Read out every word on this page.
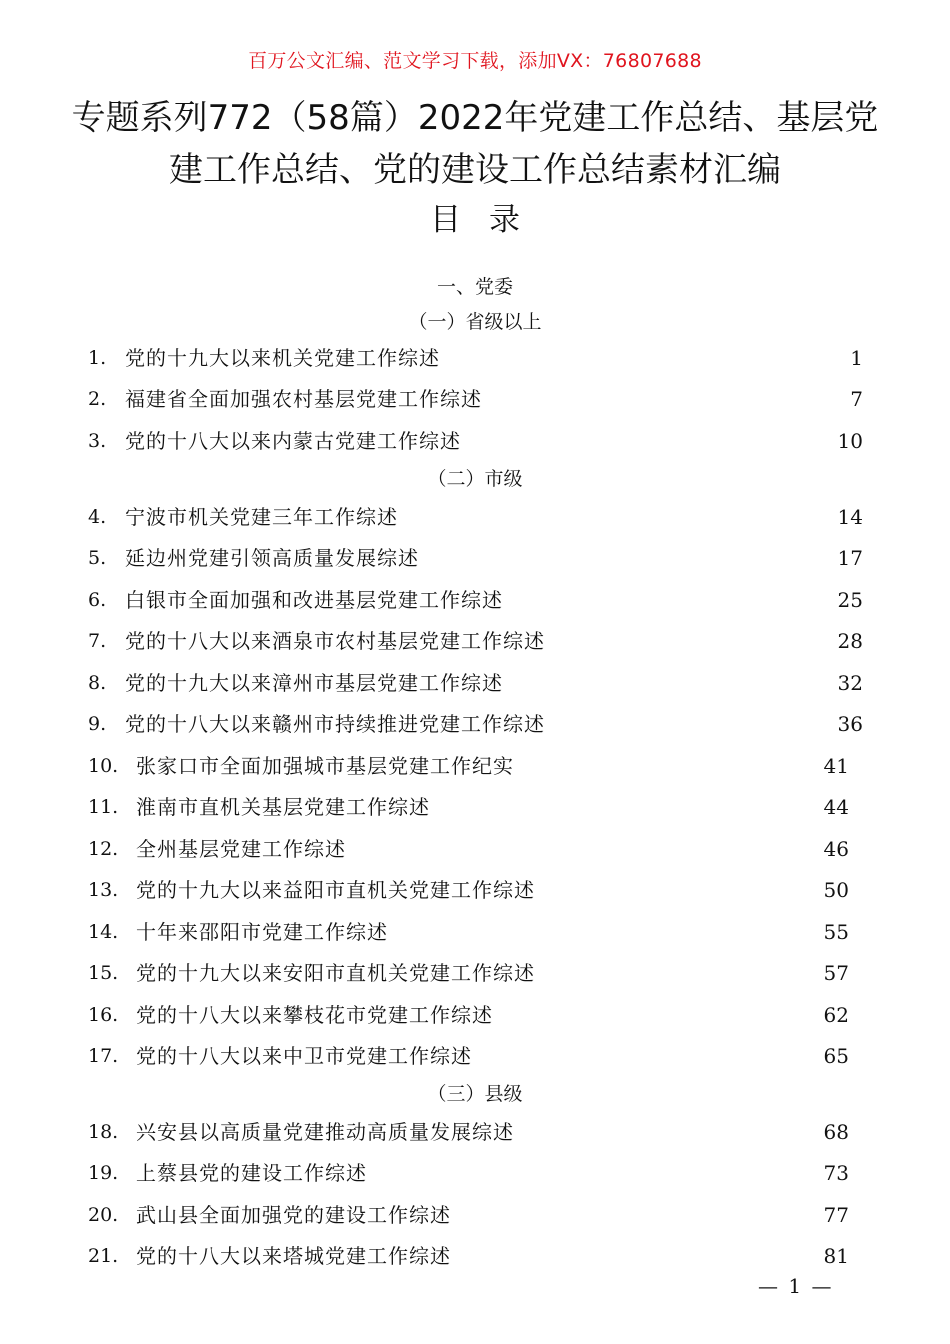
百万公文汇编、范文学习下载，添加VX：76807688
专题系列772（58篇）2022年党建工作总结、基层党建工作总结、党的建设工作总结素材汇编
目录
一、党委
（一）省级以上
1. 党的十九大以来机关党建工作综述	1
2. 福建省全面加强农村基层党建工作综述	7
3. 党的十八大以来内蒙古党建工作综述	10
（二）市级
4. 宁波市机关党建三年工作综述	14
5. 延边州党建引领高质量发展综述	17
6. 白银市全面加强和改进基层党建工作综述	25
7. 党的十八大以来酒泉市农村基层党建工作综述	28
8. 党的十九大以来漳州市基层党建工作综述	32
9. 党的十八大以来赣州市持续推进党建工作综述	36
10. 张家口市全面加强城市基层党建工作纪实	41
11. 淮南市直机关基层党建工作综述	44
12. 全州基层党建工作综述	46
13. 党的十九大以来益阳市直机关党建工作综述	50
14. 十年来邵阳市党建工作综述	55
15. 党的十九大以来安阳市直机关党建工作综述	57
16. 党的十八大以来攀枝花市党建工作综述	62
17. 党的十八大以来中卫市党建工作综述	65
（三）县级
18. 兴安县以高质量党建推动高质量发展综述	68
19. 上蔡县党的建设工作综述	73
20. 武山县全面加强党的建设工作综述	77
21. 党的十八大以来塔城党建工作综述	81
— 1 —
